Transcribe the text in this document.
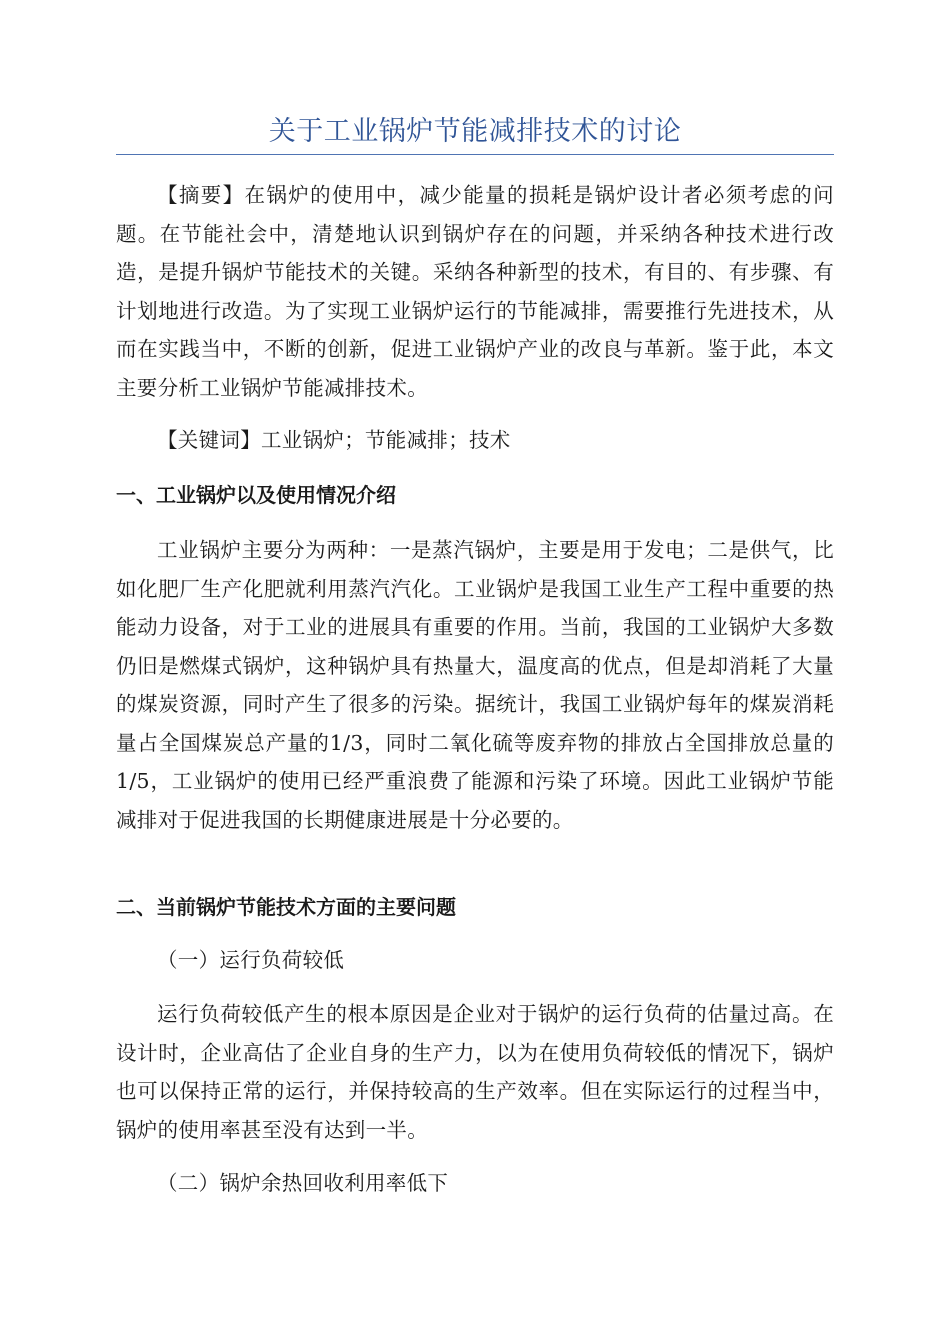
关于工业锅炉节能减排技术的讨论

【摘要】在锅炉的使用中，减少能量的损耗是锅炉设计者必须考虑的问题。在节能社会中，清楚地认识到锅炉存在的问题，并采纳各种技术进行改造，是提升锅炉节能技术的关键。采纳各种新型的技术，有目的、有步骤、有计划地进行改造。为了实现工业锅炉运行的节能减排，需要推行先进技术，从而在实践当中，不断的创新，促进工业锅炉产业的改良与革新。鉴于此，本文主要分析工业锅炉节能减排技术。

【关键词】工业锅炉；节能减排；技术

一、工业锅炉以及使用情况介绍

工业锅炉主要分为两种：一是蒸汽锅炉，主要是用于发电；二是供气，比如化肥厂生产化肥就利用蒸汽汽化。工业锅炉是我国工业生产工程中重要的热能动力设备，对于工业的进展具有重要的作用。当前，我国的工业锅炉大多数仍旧是燃煤式锅炉，这种锅炉具有热量大，温度高的优点，但是却消耗了大量的煤炭资源，同时产生了很多的污染。据统计，我国工业锅炉每年的煤炭消耗量占全国煤炭总产量的1/3，同时二氧化硫等废弃物的排放占全国排放总量的1/5，工业锅炉的使用已经严重浪费了能源和污染了环境。因此工业锅炉节能减排对于促进我国的长期健康进展是十分必要的。

二、当前锅炉节能技术方面的主要问题

（一）运行负荷较低

运行负荷较低产生的根本原因是企业对于锅炉的运行负荷的估量过高。在设计时，企业高估了企业自身的生产力，以为在使用负荷较低的情况下，锅炉也可以保持正常的运行，并保持较高的生产效率。但在实际运行的过程当中，锅炉的使用率甚至没有达到一半。

（二）锅炉余热回收利用率低下
